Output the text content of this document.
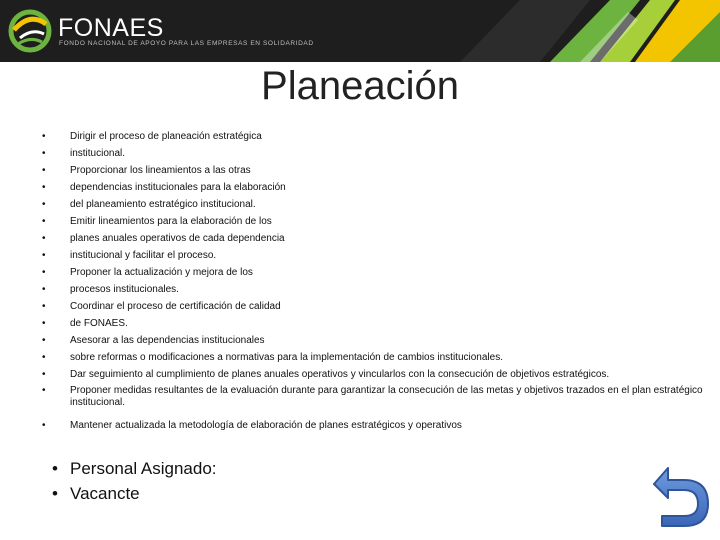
FONAES
FONDO NACIONAL DE APOYO PARA LAS EMPRESAS EN SOLIDARIDAD
Planeación
• Dirigir el proceso de planeación estratégica
• institucional.
• Proporcionar los lineamientos a las otras
• dependencias institucionales para la elaboración
• del planeamiento estratégico institucional.
• Emitir lineamientos para la elaboración de los
• planes anuales operativos de cada dependencia
• institucional y facilitar el proceso.
• Proponer la actualización y mejora de los
• procesos institucionales.
• Coordinar el proceso de certificación de calidad
• de FONAES.
• Asesorar a las dependencias institucionales
• sobre reformas o modificaciones a normativas para la implementación de cambios institucionales.
• Dar seguimiento al cumplimiento de planes anuales operativos y vincularlos con la consecución de objetivos estratégicos.
• Proponer medidas resultantes de la evaluación durante para garantizar la consecución de las metas y objetivos trazados en el plan estratégico institucional.
• Mantener actualizada la metodología de elaboración de planes estratégicos y operativos
• Personal Asignado:
• Vacancte
